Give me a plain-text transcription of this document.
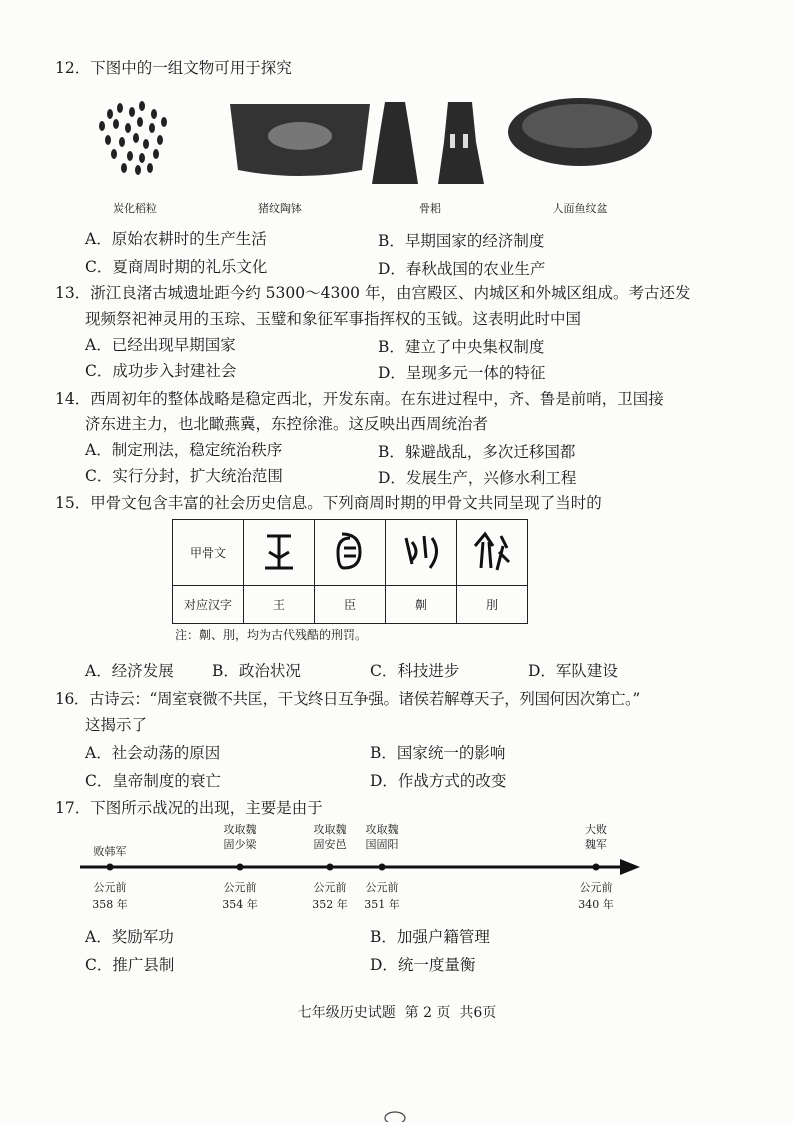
12．下图中的一组文物可用于探究
炭化稻粒	猪纹陶钵	骨耜	人面鱼纹盆
A．原始农耕时的生产生活	B．早期国家的经济制度
C．夏商周时期的礼乐文化	D．春秋战国的农业生产
13．浙江良渚古城遗址距今约 5300～4300 年，由宫殿区、内城区和外城区组成。考古还发
现频祭祀神灵用的玉琮、玉璧和象征军事指挥权的玉钺。这表明此时中国
A．已经出现早期国家	B．建立了中央集权制度
C．成功步入封建社会	D．呈现多元一体的特征
14．西周初年的整体战略是稳定西北，开发东南。在东进过程中，齐、鲁是前哨，卫国接
济东进主力，也北瞰燕冀，东控徐淮。这反映出西周统治者
A．制定刑法，稳定统治秩序	B．躲避战乱，多次迁移国都
C．实行分封，扩大统治范围	D．发展生产，兴修水利工程
15．甲骨文包含丰富的社会历史信息。下列商周时期的甲骨文共同呈现了当时的
甲骨文				
对应汉字	王	臣	劓	刖
注：劓、刖，均为古代残酷的刑罚。
A．经济发展 B．政治状况	C．科技进步	D．军队建设
16．古诗云：“周室衰微不共匡，干戈终日互争强。诸侯若解尊天子，列国何因次第亡。”
这揭示了
A．社会动荡的原因	B．国家统一的影响
C．皇帝制度的衰亡	D．作战方式的改变
17．下图所示战况的出现，主要是由于
败韩军
攻取魏
固少梁
攻取魏
固安邑
攻取魏
国固阳
大败
魏军
公元前
358 年
公元前
354 年
公元前
352 年
公元前
351 年
公元前
340 年
A．奖励军功	B．加强户籍管理
C．推广县制	D．统一度量衡
七年级历史试题  第 2 页  共6页
